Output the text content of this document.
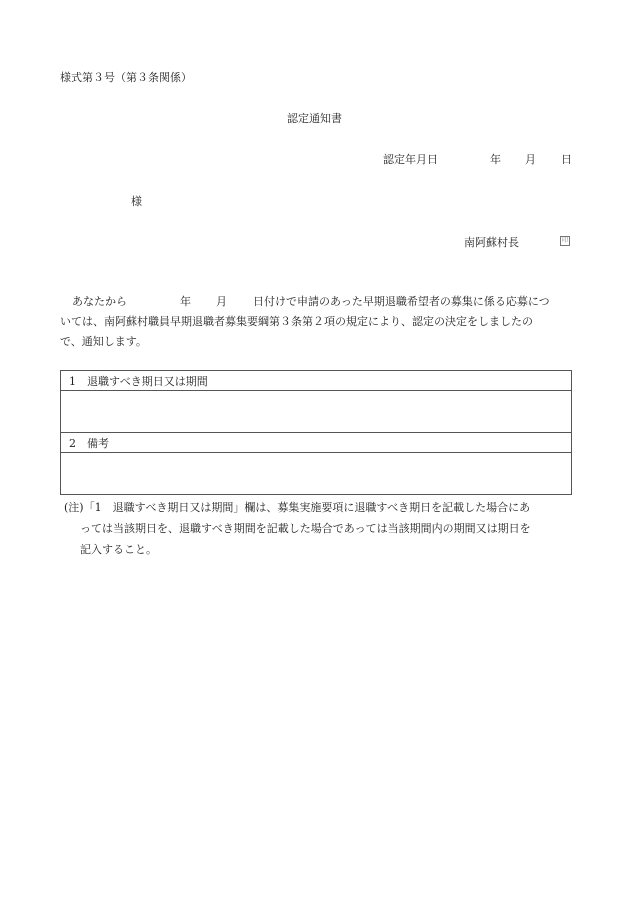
様式第３号（第３条関係）
認定通知書
認定年月日	年 月 日
様
南阿蘇村長	印
あなたから	年 月 日付けで申請のあった早期退職希望者の募集に係る応募につ
いては、南阿蘇村職員早期退職者募集要綱第３条第２項の規定により、認定の決定をしましたの
で、通知します。
1　退職すべき期日又は期間

2　備考

(注)「1　退職すべき期日又は期間」欄は、募集実施要項に退職すべき期日を記載した場合にあ
っては当該期日を、退職すべき期間を記載した場合であっては当該期間内の期間又は期日を
記入すること。
